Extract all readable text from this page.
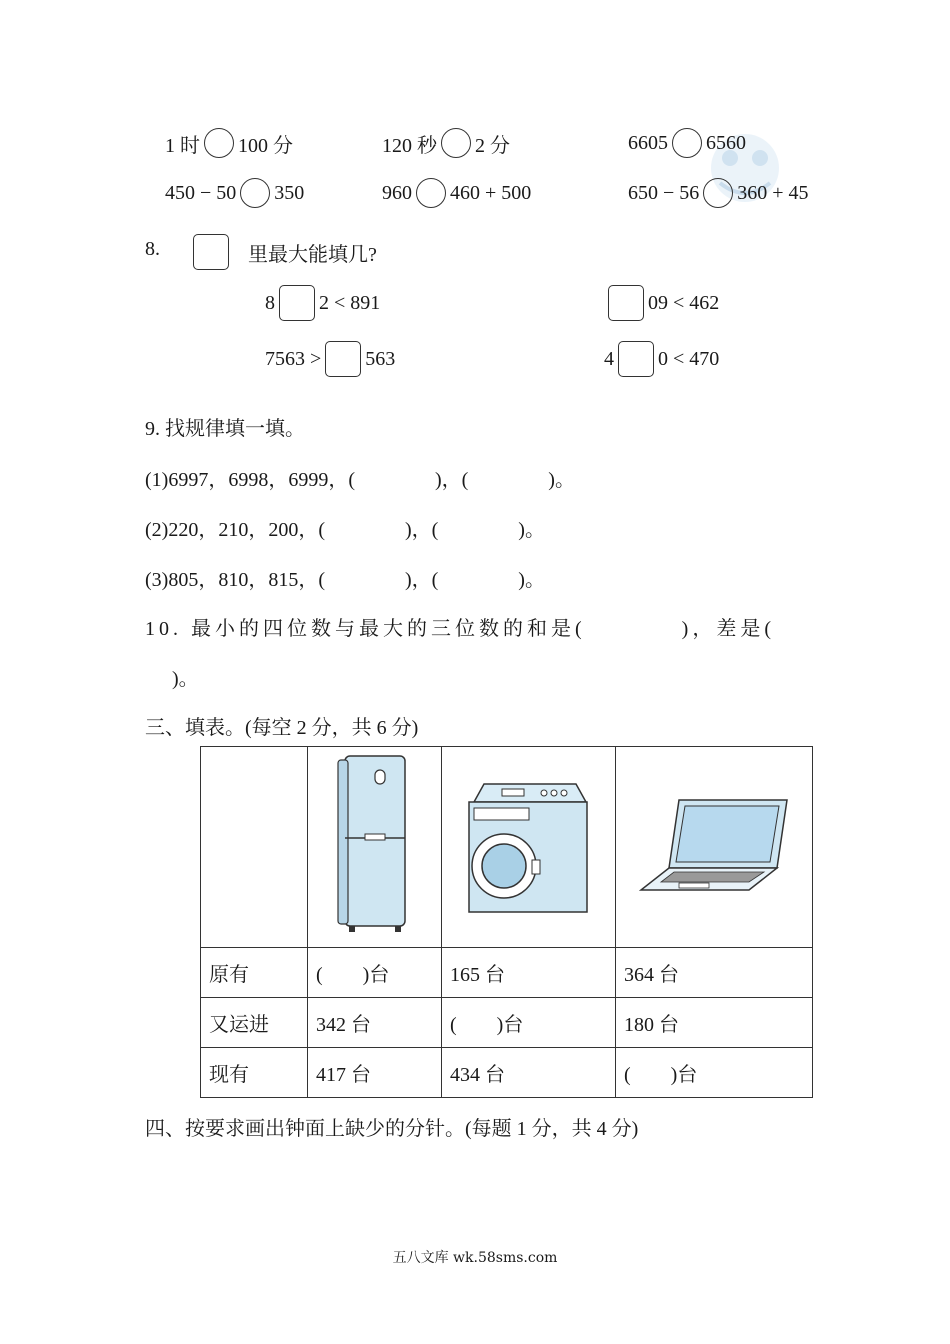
1 时 100 分	120 秒 2 分	6605 6560
450 − 50 350	960 460 + 500	650 − 56 360 + 45
8.	里最大能填几?
8 2 < 891	09 < 462
7563 > 563	4 0 < 470
9. 找规律填一填。
(1)6997，6998，6999，(　　　　)，(　　　　)。
(2)220，210，200，(　　　　)，(　　　　)。
(3)805，810，815，(　　　　)，(　　　　)。
10. 最小的四位数与最大的三位数的和是(　　　　)，差是(
)。
三、填表。(每空 2 分，共 6 分)

原有	(　　)台	165 台	364 台
又运进	342 台	(　　)台	180 台
现有	417 台	434 台	(　　)台
四、按要求画出钟面上缺少的分针。(每题 1 分，共 4 分)
五八文库 wk.58sms.com
